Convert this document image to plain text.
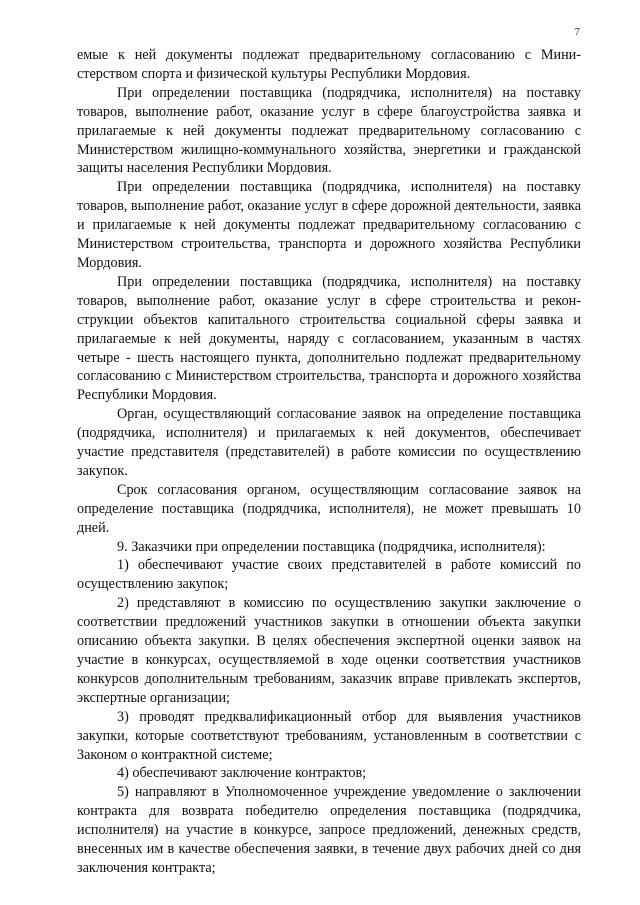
7

емые к ней документы подлежат предварительному согласованию с Министерством спорта и физической культуры Республики Мордовия.

При определении поставщика (подрядчика, исполнителя) на поставку товаров, выполнение работ, оказание услуг в сфере благоустройства заявка и прилагаемые к ней документы подлежат предварительному согласованию с Министерством жилищно-коммунального хозяйства, энергетики и гражданской защиты населения Республики Мордовия.

При определении поставщика (подрядчика, исполнителя) на поставку товаров, выполнение работ, оказание услуг в сфере дорожной деятельности, заявка и прилагаемые к ней документы подлежат предварительному согласованию с Министерством строительства, транспорта и дорожного хозяйства Республики Мордовия.

При определении поставщика (подрядчика, исполнителя) на поставку товаров, выполнение работ, оказание услуг в сфере строительства и реконструкции объектов капитального строительства социальной сферы заявка и прилагаемые к ней документы, наряду с согласованием, указанным в частях четыре - шесть настоящего пункта, дополнительно подлежат предварительному согласованию с Министерством строительства, транспорта и дорожного хозяйства Республики Мордовия.

Орган, осуществляющий согласование заявок на определение поставщика (подрядчика, исполнителя) и прилагаемых к ней документов, обеспечивает участие представителя (представителей) в работе комиссии по осуществлению закупок.

Срок согласования органом, осуществляющим согласование заявок на определение поставщика (подрядчика, исполнителя), не может превышать 10 дней.

9. Заказчики при определении поставщика (подрядчика, исполнителя):

1) обеспечивают участие своих представителей в работе комиссий по осуществлению закупок;

2) представляют в комиссию по осуществлению закупки заключение о соответствии предложений участников закупки в отношении объекта закупки описанию объекта закупки. В целях обеспечения экспертной оценки заявок на участие в конкурсах, осуществляемой в ходе оценки соответствия участников конкурсов дополнительным требованиям, заказчик вправе привлекать экспертов, экспертные организации;

3) проводят предквалификационный отбор для выявления участников закупки, которые соответствуют требованиям, установленным в соответствии с Законом о контрактной системе;

4) обеспечивают заключение контрактов;

5) направляют в Уполномоченное учреждение уведомление о заключении контракта для возврата победителю определения поставщика (подрядчика, исполнителя) на участие в конкурсе, запросе предложений, денежных средств, внесенных им в качестве обеспечения заявки, в течение двух рабочих дней со дня заключения контракта;
